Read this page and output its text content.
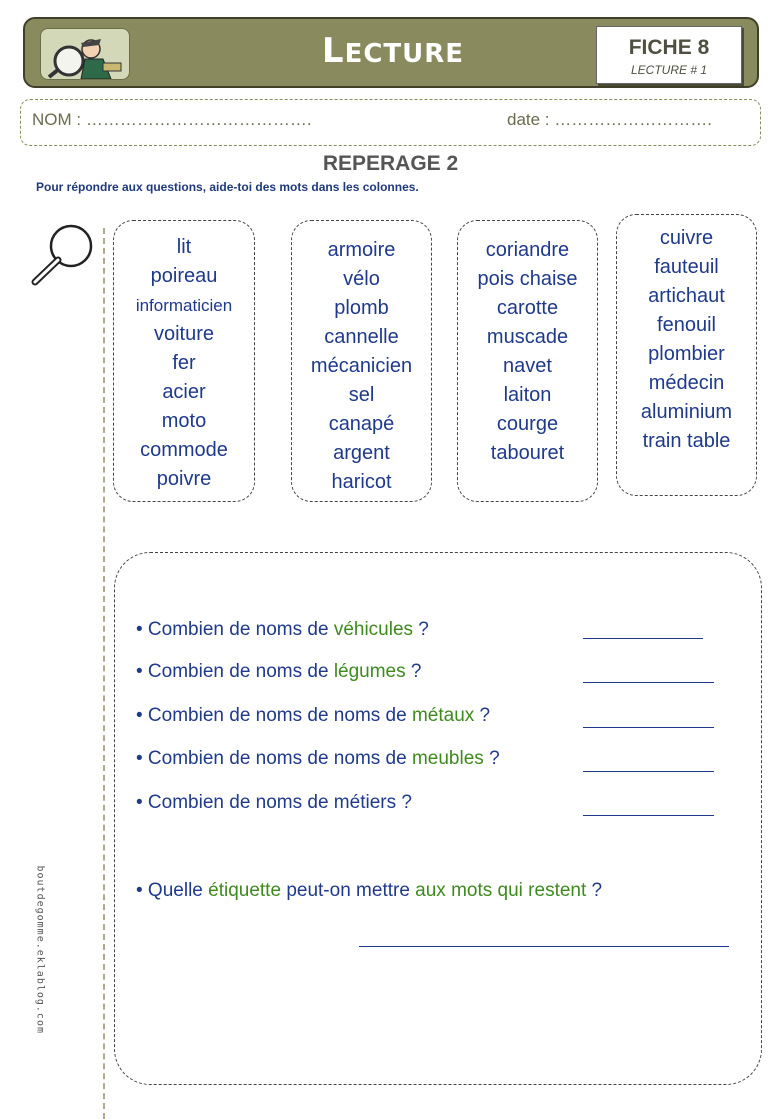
LECTURE	FICHE 8
LECTURE # 1
NOM : ………………………………….	date : ……………………….
REPERAGE 2
Pour répondre aux questions, aide-toi des mots dans les colonnes.
lit
poireau
informaticien
voiture
fer
acier
moto
commode
poivre
armoire
vélo
plomb
cannelle
mécanicien
sel
canapé
argent
haricot
coriandre
pois chaise
carotte
muscade
navet
laiton
courge
tabouret
cuivre
fauteuil
artichaut
fenouil
plombier
médecin
aluminium
train table
• Combien de noms de véhicules ?
• Combien de noms de légumes ?
• Combien de noms de noms de métaux ?
• Combien de noms de noms de meubles ?
• Combien de noms de métiers ?
• Quelle étiquette peut-on mettre aux mots qui restent ?
boutdegomme.eklablog.com
